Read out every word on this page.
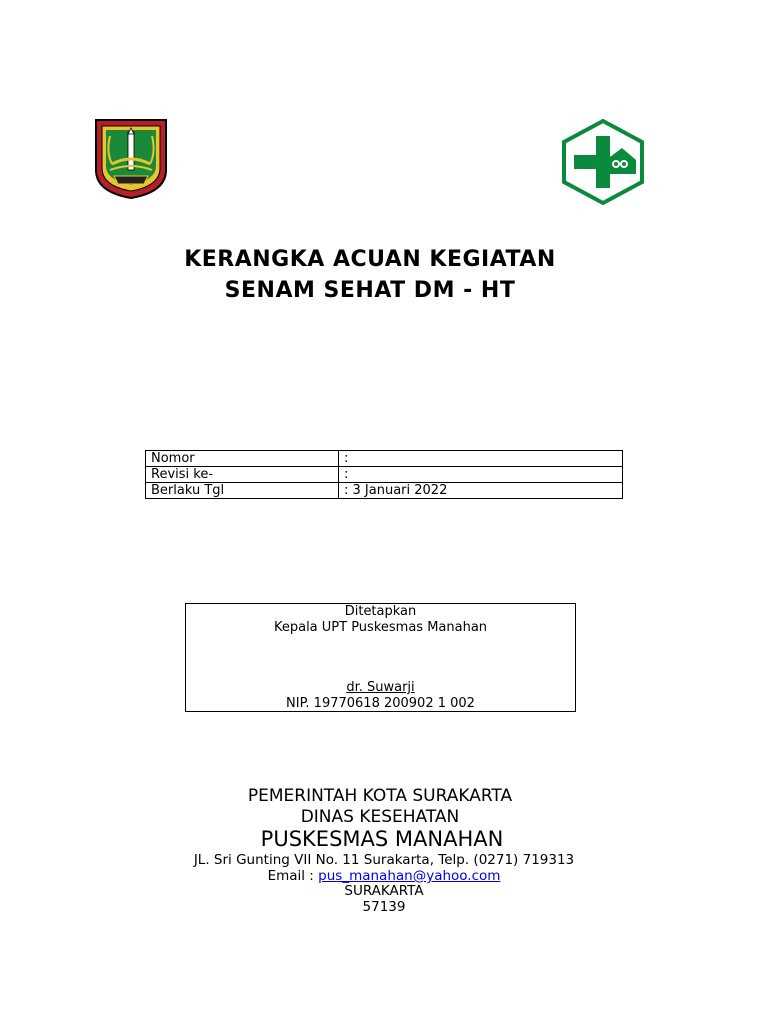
KERANGKA ACUAN KEGIATAN
SENAM SEHAT DM - HT
Nomor	:
Revisi ke-	:
Berlaku Tgl	: 3 Januari 2022
Ditetapkan
Kepala UPT Puskesmas Manahan
dr. Suwarji
NIP. 19770618 200902 1 002
PEMERINTAH KOTA SURAKARTA
DINAS KESEHATAN
PUSKESMAS MANAHAN
JL. Sri Gunting VII No. 11 Surakarta, Telp. (0271) 719313
Email : pus_manahan@yahoo.com
SURAKARTA
57139
